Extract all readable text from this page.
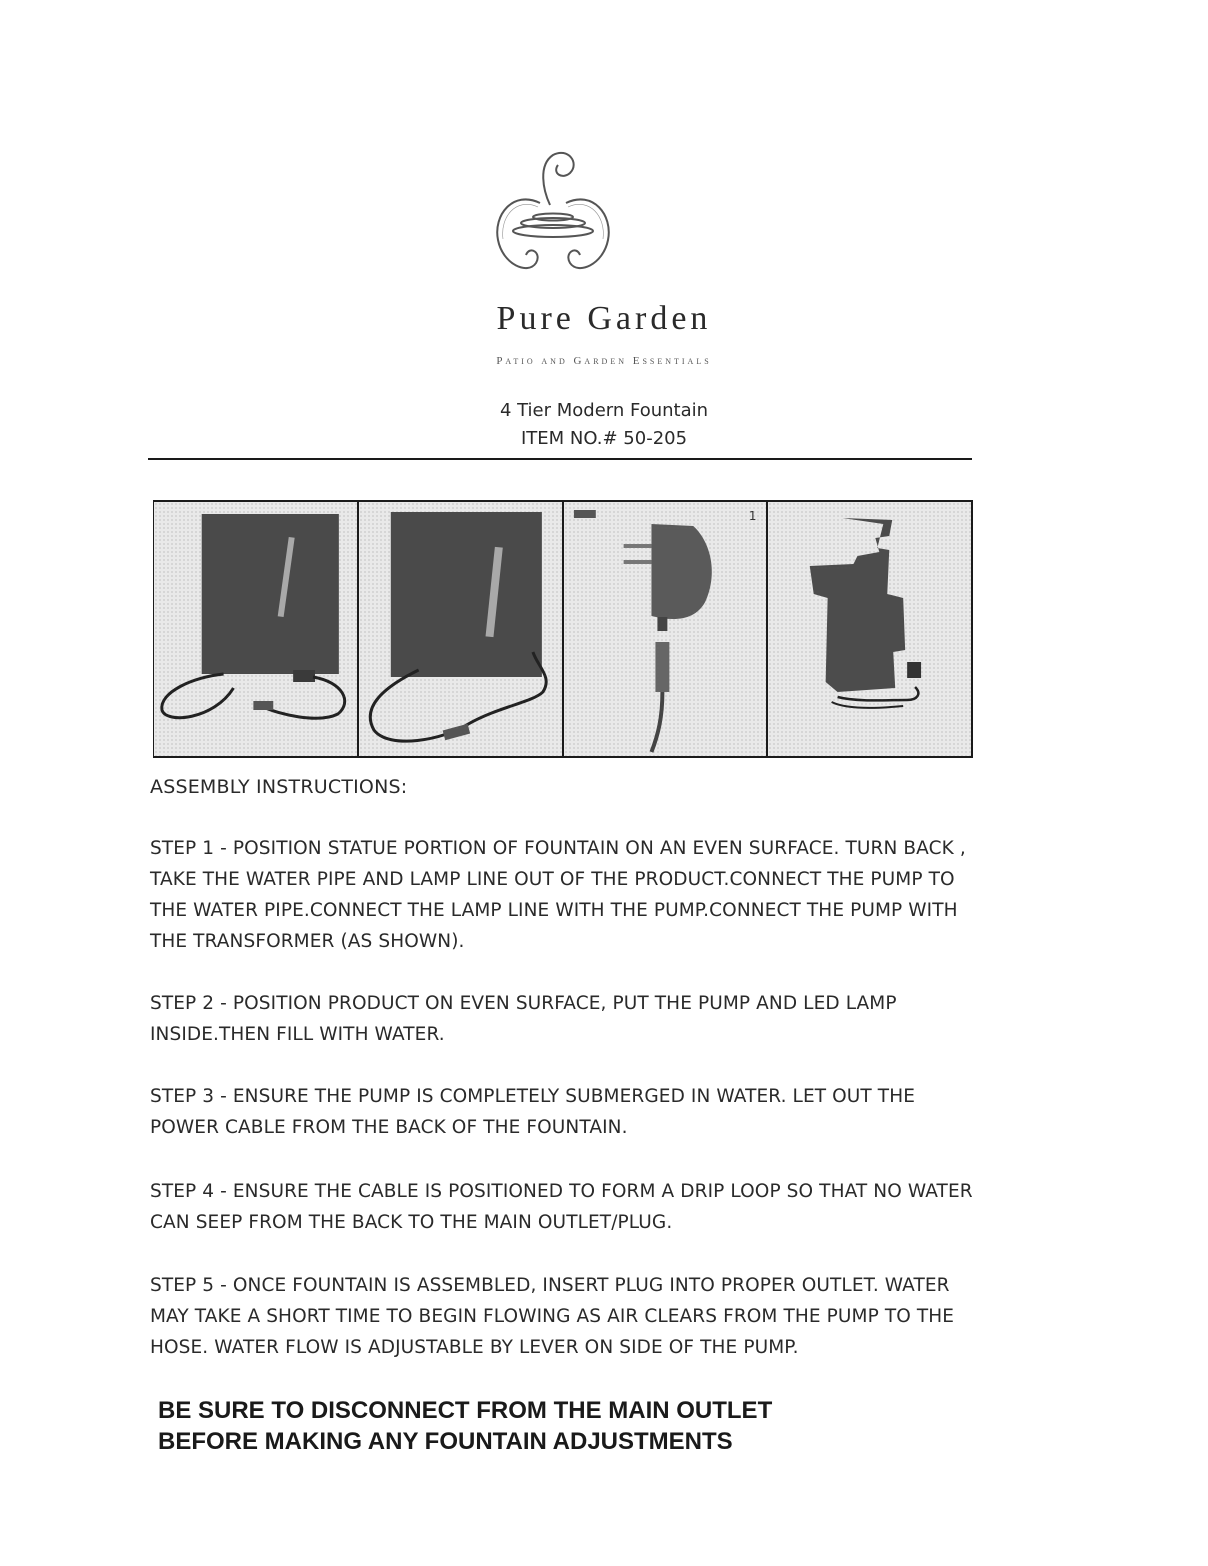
Pure Garden
Patio and Garden Essentials
4 Tier Modern Fountain
ITEM NO.# 50-205
1
ASSEMBLY INSTRUCTIONS:
STEP 1 - POSITION STATUE PORTION OF FOUNTAIN ON AN EVEN SURFACE. TURN BACK , TAKE THE WATER PIPE AND LAMP LINE OUT OF THE PRODUCT.CONNECT THE PUMP TO THE WATER PIPE.CONNECT THE LAMP LINE WITH THE PUMP.CONNECT THE PUMP WITH THE TRANSFORMER (AS SHOWN).
STEP 2 - POSITION PRODUCT ON EVEN SURFACE, PUT THE PUMP AND LED LAMP INSIDE.THEN FILL WITH WATER.
STEP 3 - ENSURE THE PUMP IS COMPLETELY SUBMERGED IN WATER. LET OUT THE POWER CABLE FROM THE BACK OF THE FOUNTAIN.
STEP 4 - ENSURE THE CABLE IS POSITIONED TO FORM A DRIP LOOP SO THAT NO WATER CAN SEEP FROM THE BACK TO THE MAIN OUTLET/PLUG.
STEP 5 - ONCE FOUNTAIN IS ASSEMBLED, INSERT PLUG INTO PROPER OUTLET. WATER MAY TAKE A SHORT TIME TO BEGIN FLOWING AS AIR CLEARS FROM THE PUMP TO THE HOSE. WATER FLOW IS ADJUSTABLE BY LEVER ON SIDE OF THE PUMP.
BE SURE TO DISCONNECT FROM THE MAIN OUTLET
BEFORE MAKING ANY FOUNTAIN ADJUSTMENTS
